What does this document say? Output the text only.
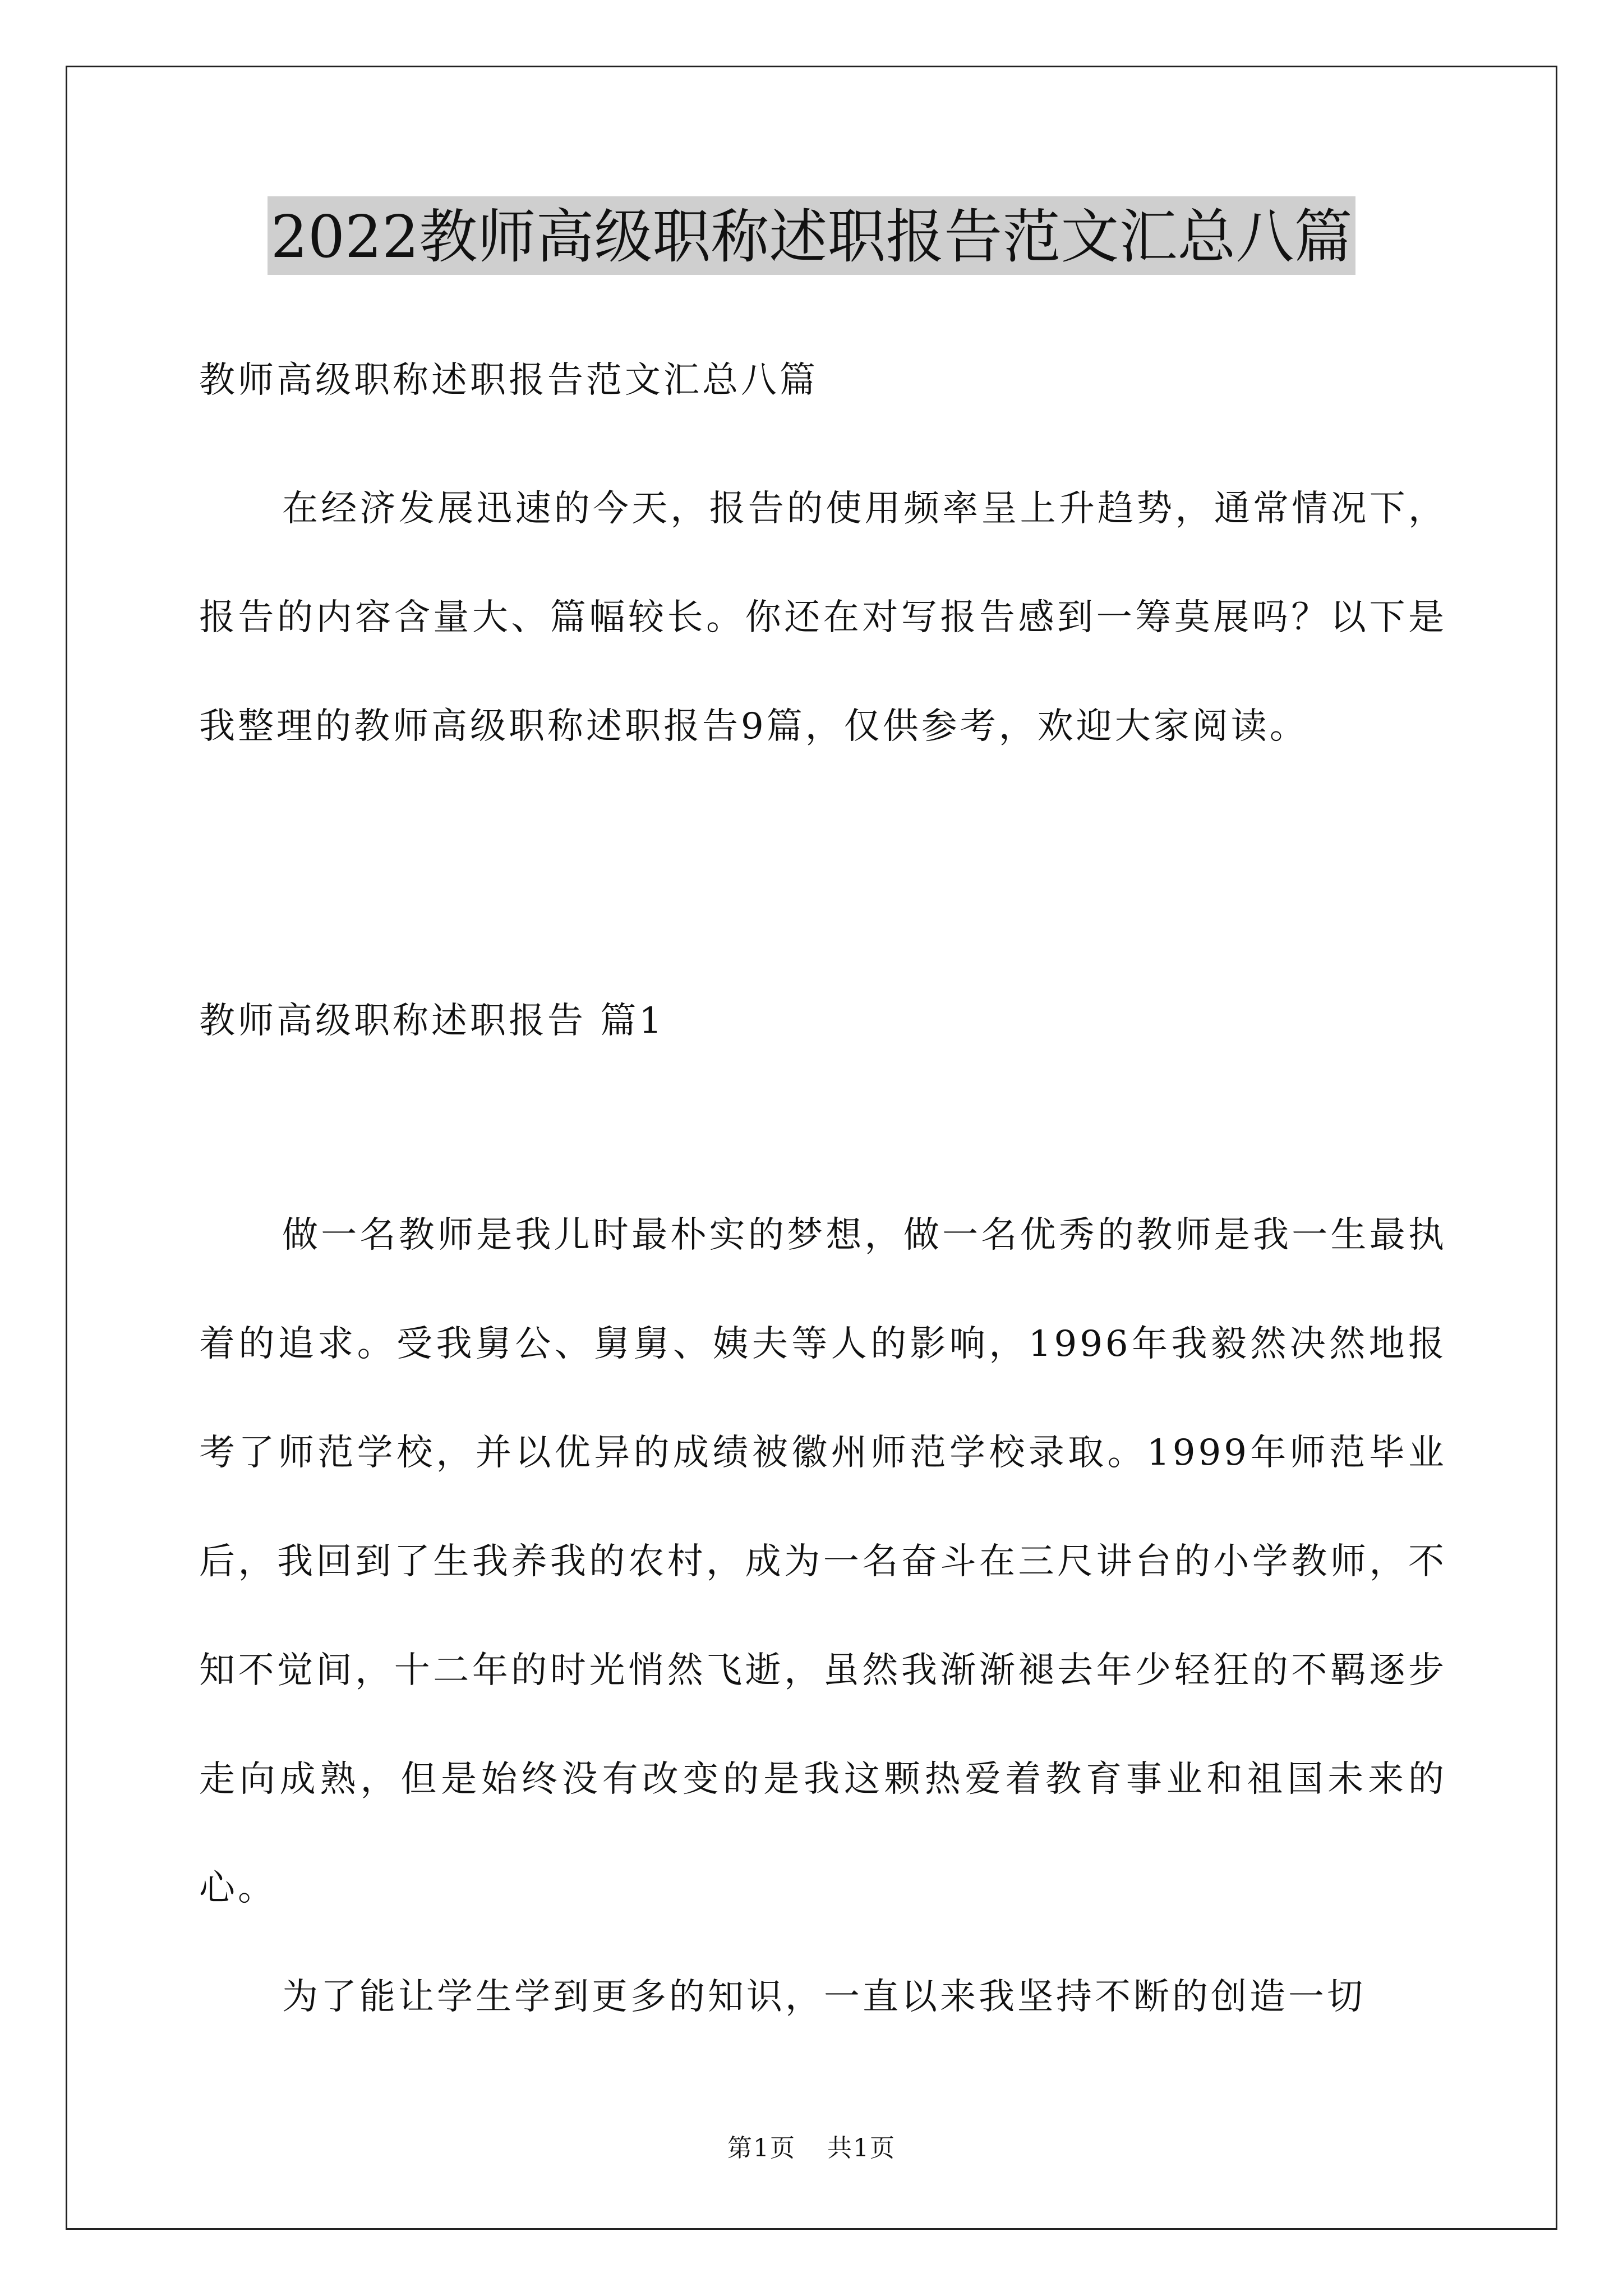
2022教师高级职称述职报告范文汇总八篇
教师高级职称述职报告范文汇总八篇
在经济发展迅速的今天，报告的使用频率呈上升趋势，通常情况下，报告的内容含量大、篇幅较长。你还在对写报告感到一筹莫展吗？以下是我整理的教师高级职称述职报告9篇，仅供参考，欢迎大家阅读。
教师高级职称述职报告 篇1
做一名教师是我儿时最朴实的梦想，做一名优秀的教师是我一生最执着的追求。受我舅公、舅舅、姨夫等人的影响，1996年我毅然决然地报考了师范学校，并以优异的成绩被徽州师范学校录取。1999年师范毕业后，我回到了生我养我的农村，成为一名奋斗在三尺讲台的小学教师，不知不觉间，十二年的时光悄然飞逝，虽然我渐渐褪去年少轻狂的不羁逐步走向成熟，但是始终没有改变的是我这颗热爱着教育事业和祖国未来的心。
为了能让学生学到更多的知识，一直以来我坚持不断的创造一切
第1页 共1页
